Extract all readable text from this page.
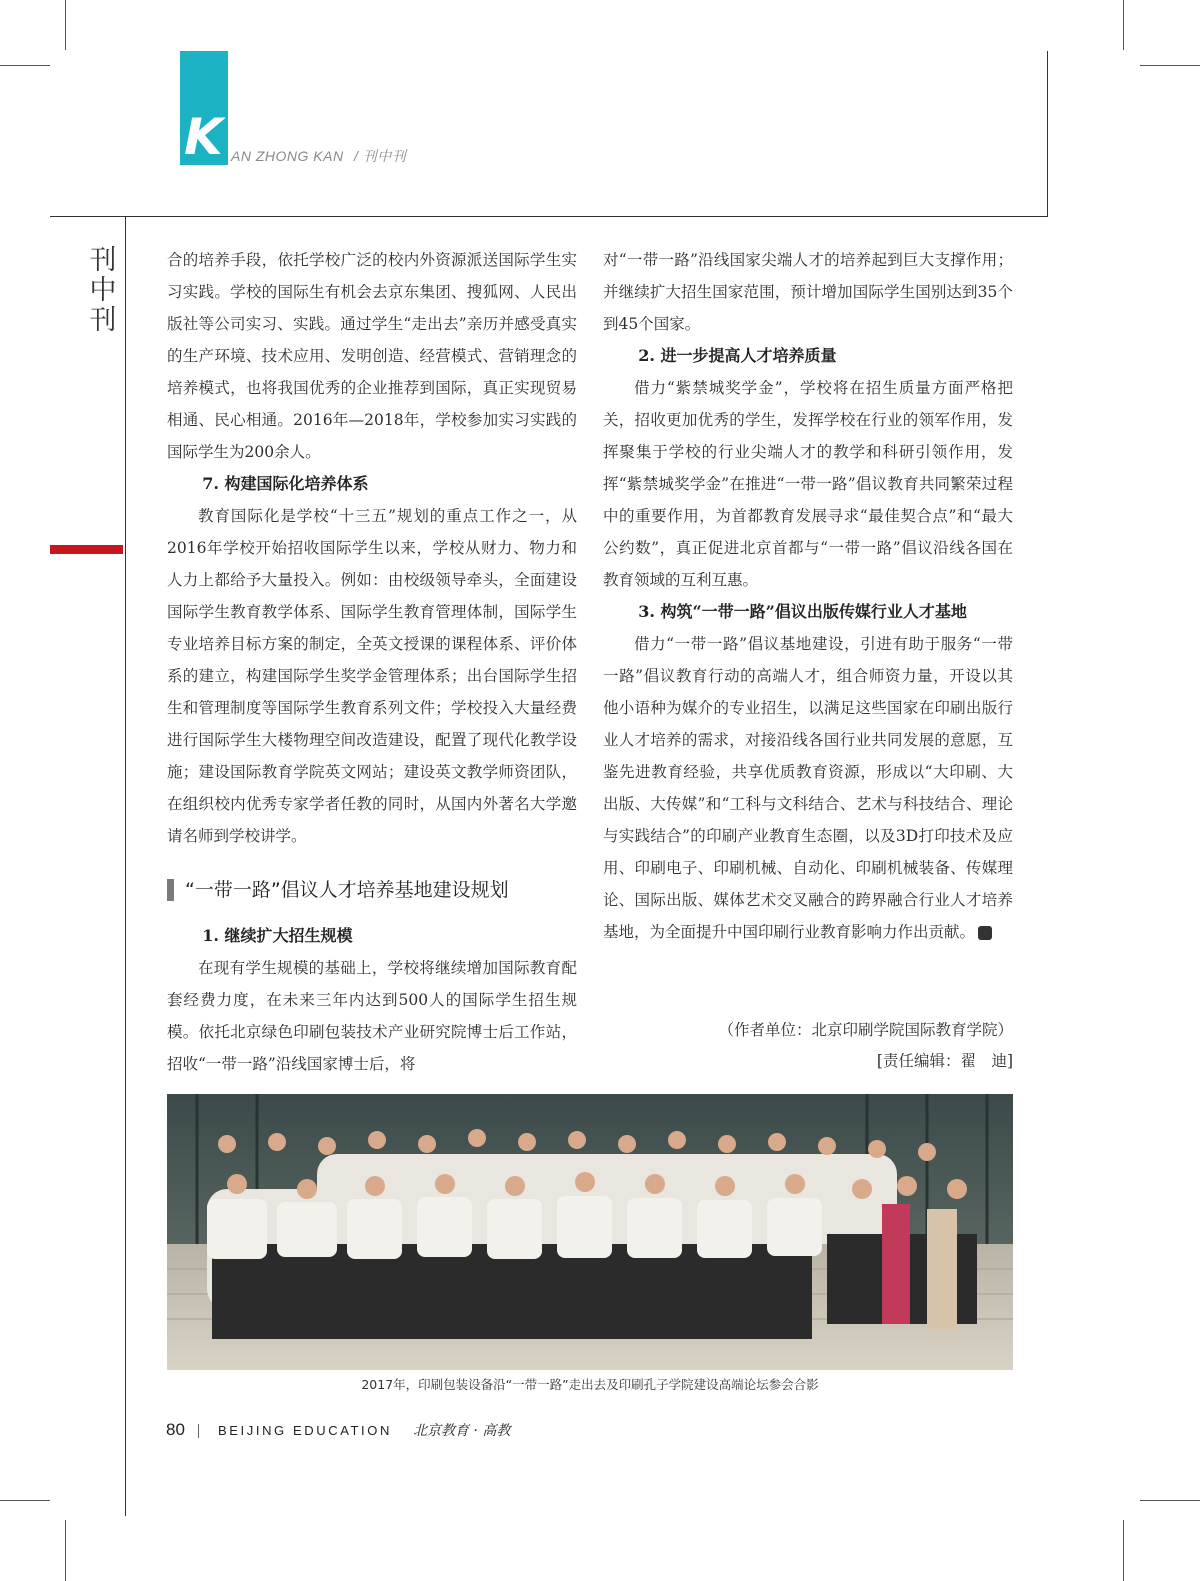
K AN ZHONG KAN / 刊中刊
刊
中
刊

合的培养手段，依托学校广泛的校内外资源派送国际学生实习实践。学校的国际生有机会去京东集团、搜狐网、人民出版社等公司实习、实践。通过学生“走出去”亲历并感受真实的生产环境、技术应用、发明创造、经营模式、营销理念的培养模式，也将我国优秀的企业推荐到国际，真正实现贸易相通、民心相通。2016年—2018年，学校参加实习实践的国际学生为200余人。

7. 构建国际化培养体系

教育国际化是学校“十三五”规划的重点工作之一，从2016年学校开始招收国际学生以来，学校从财力、物力和人力上都给予大量投入。例如：由校级领导牵头，全面建设国际学生教育教学体系、国际学生教育管理体制，国际学生专业培养目标方案的制定，全英文授课的课程体系、评价体系的建立，构建国际学生奖学金管理体系；出台国际学生招生和管理制度等国际学生教育系列文件；学校投入大量经费进行国际学生大楼物理空间改造建设，配置了现代化教学设施；建设国际教育学院英文网站；建设英文教学师资团队，在组织校内优秀专家学者任教的同时，从国内外著名大学邀请名师到学校讲学。

“一带一路”倡议人才培养基地建设规划

1. 继续扩大招生规模

在现有学生规模的基础上，学校将继续增加国际教育配套经费力度，在未来三年内达到500人的国际学生招生规模。依托北京绿色印刷包装技术产业研究院博士后工作站，招收“一带一路”沿线国家博士后，将

对“一带一路”沿线国家尖端人才的培养起到巨大支撑作用；并继续扩大招生国家范围，预计增加国际学生国别达到35个到45个国家。

2. 进一步提高人才培养质量

借力“紫禁城奖学金”，学校将在招生质量方面严格把关，招收更加优秀的学生，发挥学校在行业的领军作用，发挥聚集于学校的行业尖端人才的教学和科研引领作用，发挥“紫禁城奖学金”在推进“一带一路”倡议教育共同繁荣过程中的重要作用，为首都教育发展寻求“最佳契合点”和“最大公约数”，真正促进北京首都与“一带一路”倡议沿线各国在教育领域的互利互惠。

3. 构筑“一带一路”倡议出版传媒行业人才基地

借力“一带一路”倡议基地建设，引进有助于服务“一带一路”倡议教育行动的高端人才，组合师资力量，开设以其他小语种为媒介的专业招生，以满足这些国家在印刷出版行业人才培养的需求，对接沿线各国行业共同发展的意愿，互鉴先进教育经验，共享优质教育资源，形成以“大印刷、大出版、大传媒”和“工科与文科结合、艺术与科技结合、理论与实践结合”的印刷产业教育生态圈，以及3D打印技术及应用、印刷电子、印刷机械、自动化、印刷机械装备、传媒理论、国际出版、媒体艺术交叉融合的跨界融合行业人才培养基地，为全面提升中国印刷行业教育影响力作出贡献。

（作者单位：北京印刷学院国际教育学院）
[责任编辑：翟　迪]
2017年，印刷包装设备沿“一带一路”走出去及印刷孔子学院建设高端论坛参会合影
80	BEIJING EDUCATION 北京教育 · 高教
